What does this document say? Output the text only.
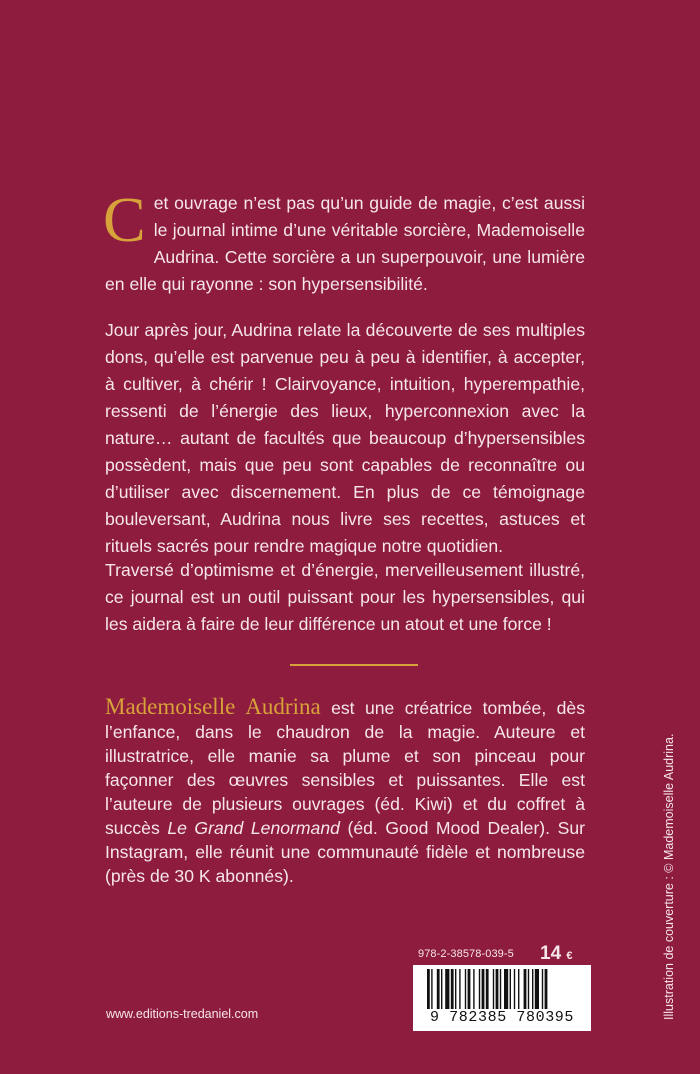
Cet ouvrage n’est pas qu’un guide de magie, c’est aussi le journal intime d’une véritable sorcière, Mademoiselle Audrina. Cette sorcière a un superpouvoir, une lumière en elle qui rayonne : son hypersensibilité.

Jour après jour, Audrina relate la découverte de ses multiples dons, qu’elle est parvenue peu à peu à identifier, à accepter, à cultiver, à chérir ! Clairvoyance, intuition, hyperempathie, ressenti de l’énergie des lieux, hyperconnexion avec la nature… autant de facultés que beaucoup d’hypersensibles possèdent, mais que peu sont capables de reconnaître ou d’utiliser avec discernement. En plus de ce témoignage bouleversant, Audrina nous livre ses recettes, astuces et rituels sacrés pour rendre magique notre quotidien.

Traversé d’optimisme et d’énergie, merveilleusement illustré, ce journal est un outil puissant pour les hypersensibles, qui les aidera à faire de leur différence un atout et une force !

Mademoiselle Audrina est une créatrice tombée, dès l’enfance, dans le chaudron de la magie. Auteure et illustratrice, elle manie sa plume et son pinceau pour façonner des œuvres sensibles et puissantes. Elle est l’auteure de plusieurs ouvrages (éd. Kiwi) et du coffret à succès Le Grand Lenormand (éd. Good Mood Dealer). Sur Instagram, elle réunit une communauté fidèle et nombreuse (près de 30 K abonnés).	Illustration de couverture : © Mademoiselle Audrina.
978-2-38578-039-5 14 €
9 782385 780395
www.editions-tredaniel.com
